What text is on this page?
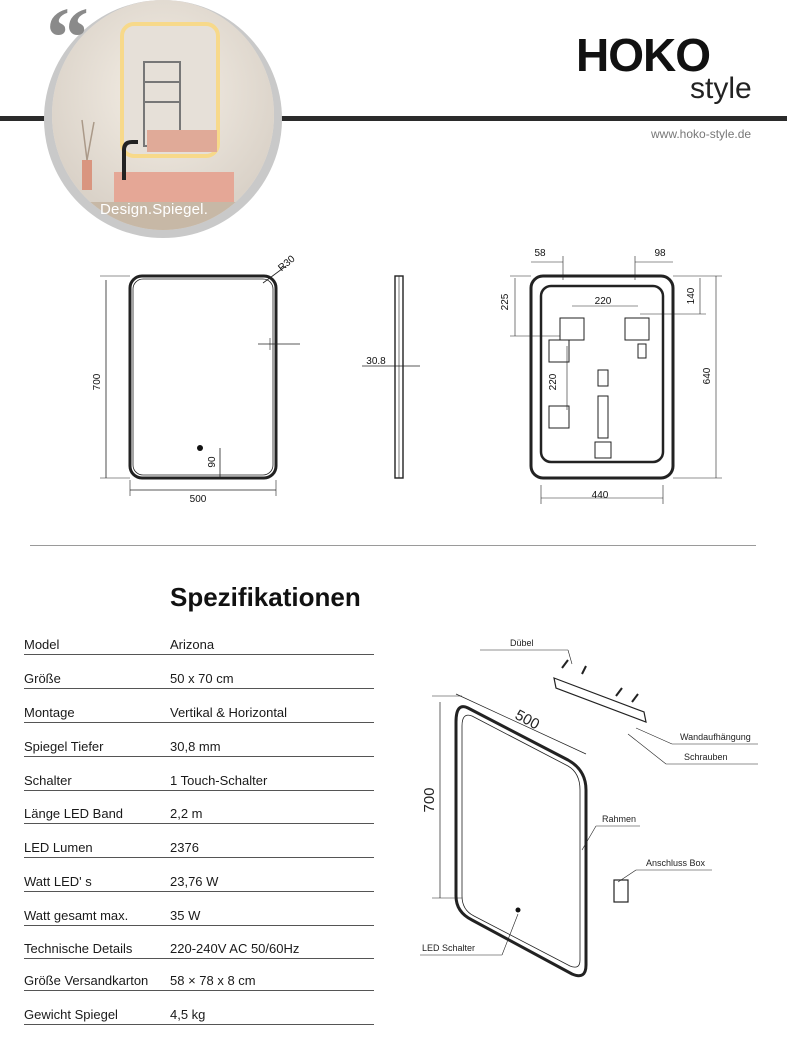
“
Design.Spiegel.
HOKO
style
www.hoko-style.de
R30
700
500
90
30.8
58	98
225	140
220
220	640
440
Spezifikationen
Model	Arizona
Größe	50 x 70 cm
Montage	Vertikal & Horizontal
Spiegel Tiefer	30,8 mm
Schalter	1 Touch-Schalter
Länge LED Band	2,2 m
LED Lumen	2376
Watt LED' s	23,76 W
Watt gesamt max.	35 W
Technische Details	220-240V AC 50/60Hz
Größe Versandkarton 58 × 78 x 8 cm
Gewicht Spiegel	4,5 kg
500
700
Dübel
Wandaufhängung
Schrauben
Rahmen
Anschluss Box
LED Schalter
